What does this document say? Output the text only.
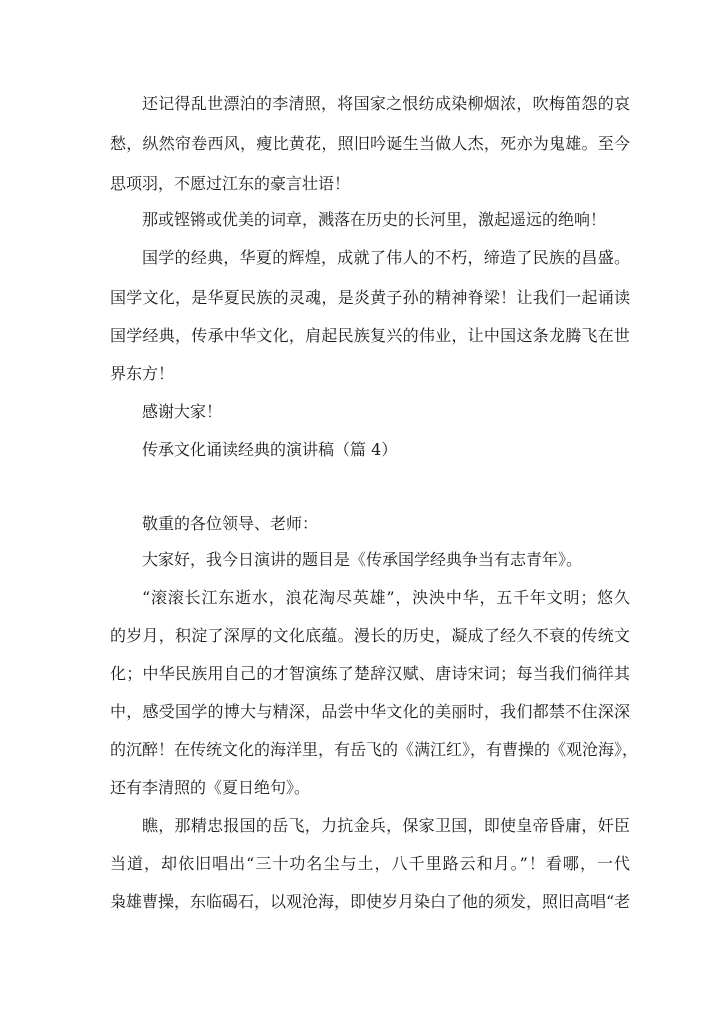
还记得乱世漂泊的李清照，将国家之恨纺成染柳烟浓，吹梅笛怨的哀
愁，纵然帘卷西风，瘦比黄花，照旧吟诞生当做人杰，死亦为鬼雄。至今
思项羽，不愿过江东的豪言壮语！
那或铿锵或优美的词章，溅落在历史的长河里，激起遥远的绝响！
国学的经典，华夏的辉煌，成就了伟人的不朽，缔造了民族的昌盛。
国学文化，是华夏民族的灵魂，是炎黄子孙的精神脊梁！让我们一起诵读
国学经典，传承中华文化，肩起民族复兴的伟业，让中国这条龙腾飞在世
界东方！
感谢大家！
传承文化诵读经典的演讲稿（篇 4）
敬重的各位领导、老师：
大家好，我今日演讲的题目是《传承国学经典争当有志青年》。
“滚滚长江东逝水，浪花淘尽英雄”，泱泱中华，五千年文明；悠久
的岁月，积淀了深厚的文化底蕴。漫长的历史，凝成了经久不衰的传统文
化；中华民族用自己的才智演练了楚辞汉赋、唐诗宋词；每当我们徜徉其
中，感受国学的博大与精深，品尝中华文化的美丽时，我们都禁不住深深
的沉醉！在传统文化的海洋里，有岳飞的《满江红》，有曹操的《观沧海》，
还有李清照的《夏日绝句》。
瞧，那精忠报国的岳飞，力抗金兵，保家卫国，即使皇帝昏庸，奸臣
当道，却依旧唱出“三十功名尘与土，八千里路云和月。”！看哪，一代
枭雄曹操，东临碣石，以观沧海，即使岁月染白了他的须发，照旧高唱“老
